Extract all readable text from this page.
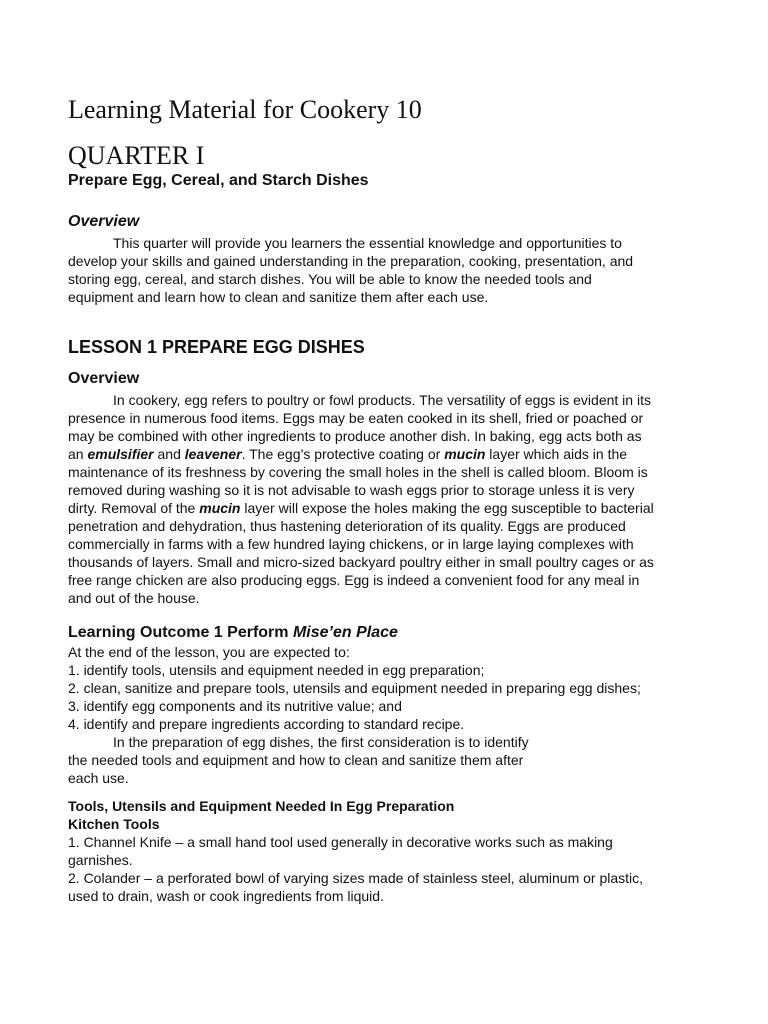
Learning Material for Cookery 10
QUARTER I
Prepare Egg, Cereal, and Starch Dishes
Overview
This quarter will provide you learners the essential knowledge and opportunities to
develop your skills and gained understanding in the preparation, cooking, presentation, and
storing egg, cereal, and starch dishes. You will be able to know the needed tools and
equipment and learn how to clean and sanitize them after each use.
LESSON 1 PREPARE EGG DISHES
Overview
In cookery, egg refers to poultry or fowl products. The versatility of eggs is evident in its
presence in numerous food items. Eggs may be eaten cooked in its shell, fried or poached or
may be combined with other ingredients to produce another dish. In baking, egg acts both as
an emulsifier and leavener. The egg’s protective coating or mucin layer which aids in the
maintenance of its freshness by covering the small holes in the shell is called bloom. Bloom is
removed during washing so it is not advisable to wash eggs prior to storage unless it is very
dirty. Removal of the mucin layer will expose the holes making the egg susceptible to bacterial
penetration and dehydration, thus hastening deterioration of its quality. Eggs are produced
commercially in farms with a few hundred laying chickens, or in large laying complexes with
thousands of layers. Small and micro-sized backyard poultry either in small poultry cages or as
free range chicken are also producing eggs. Egg is indeed a convenient food for any meal in
and out of the house.
Learning Outcome 1 Perform Mise’en Place
At the end of the lesson, you are expected to:
1. identify tools, utensils and equipment needed in egg preparation;
2. clean, sanitize and prepare tools, utensils and equipment needed in preparing egg dishes;
3. identify egg components and its nutritive value; and
4. identify and prepare ingredients according to standard recipe.
In the preparation of egg dishes, the first consideration is to identify
the needed tools and equipment and how to clean and sanitize them after
each use.
Tools, Utensils and Equipment Needed In Egg Preparation
Kitchen Tools
1. Channel Knife – a small hand tool used generally in decorative works such as making
garnishes.
2. Colander – a perforated bowl of varying sizes made of stainless steel, aluminum or plastic,
used to drain, wash or cook ingredients from liquid.
